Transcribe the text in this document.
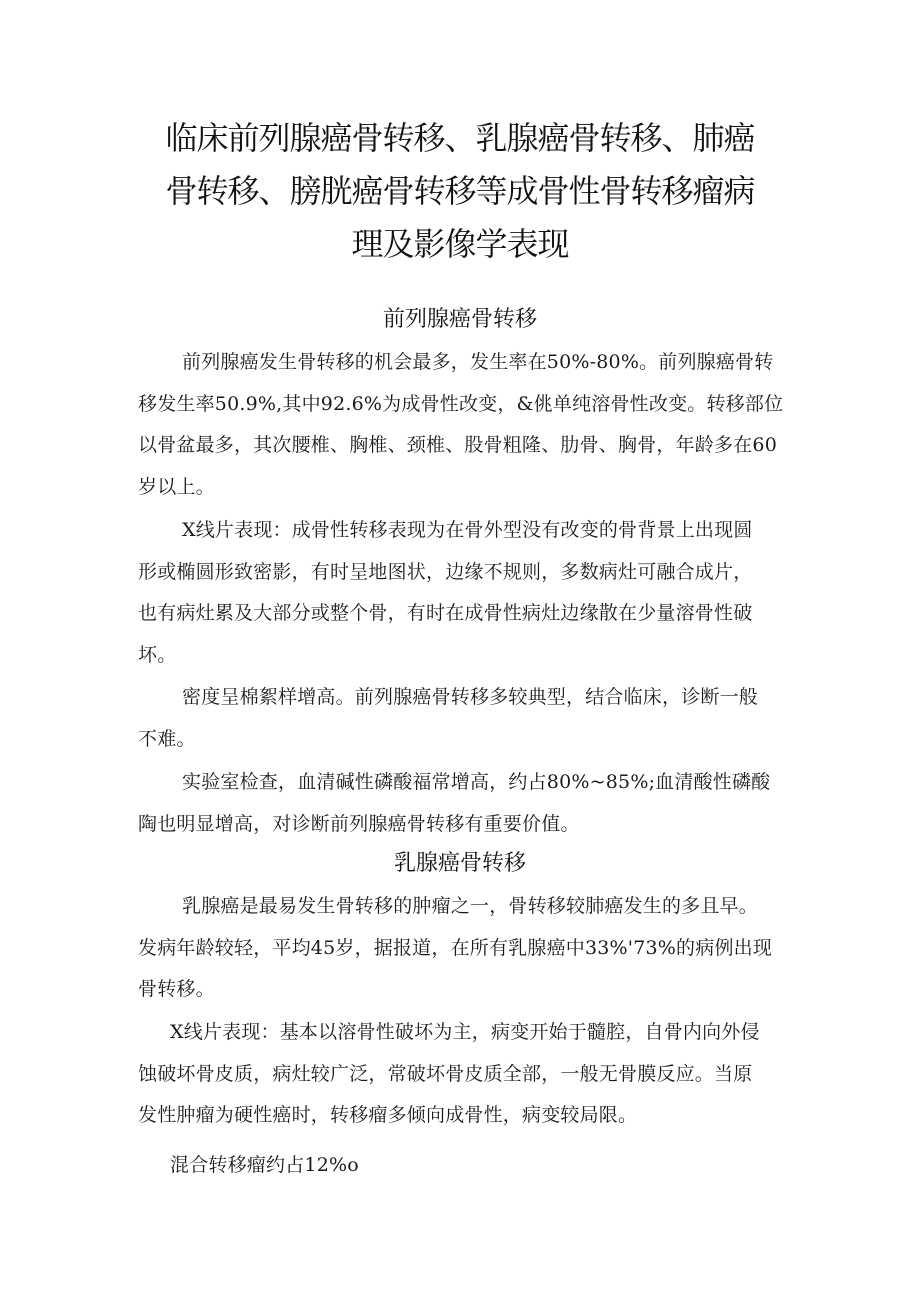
临床前列腺癌骨转移、乳腺癌骨转移、肺癌
骨转移、膀胱癌骨转移等成骨性骨转移瘤病
理及影像学表现
前列腺癌骨转移

前列腺癌发生骨转移的机会最多，发生率在50%-80%。前列腺癌骨转
移发生率50.9%,其中92.6%为成骨性改变，&佻单纯溶骨性改变。转移部位
以骨盆最多，其次腰椎、胸椎、颈椎、股骨粗隆、肋骨、胸骨，年龄多在60
岁以上。

X线片表现：成骨性转移表现为在骨外型没有改变的骨背景上出现圆
形或椭圆形致密影，有时呈地图状，边缘不规则，多数病灶可融合成片，
也有病灶累及大部分或整个骨，有时在成骨性病灶边缘散在少量溶骨性破
坏。

密度呈棉絮样增高。前列腺癌骨转移多较典型，结合临床，诊断一般
不难。

实验室检查，血清碱性磷酸福常增高，约占80%~85%;血清酸性磷酸
陶也明显增高，对诊断前列腺癌骨转移有重要价值。

乳腺癌骨转移

乳腺癌是最易发生骨转移的肿瘤之一，骨转移较肺癌发生的多且早。
发病年龄较轻，平均45岁，据报道，在所有乳腺癌中33%'73%的病例出现
骨转移。

X线片表现：基本以溶骨性破坏为主，病变开始于髓腔，自骨内向外侵
蚀破坏骨皮质，病灶较广泛，常破坏骨皮质全部，一般无骨膜反应。当原
发性肿瘤为硬性癌时，转移瘤多倾向成骨性，病变较局限。

混合转移瘤约占12%o
